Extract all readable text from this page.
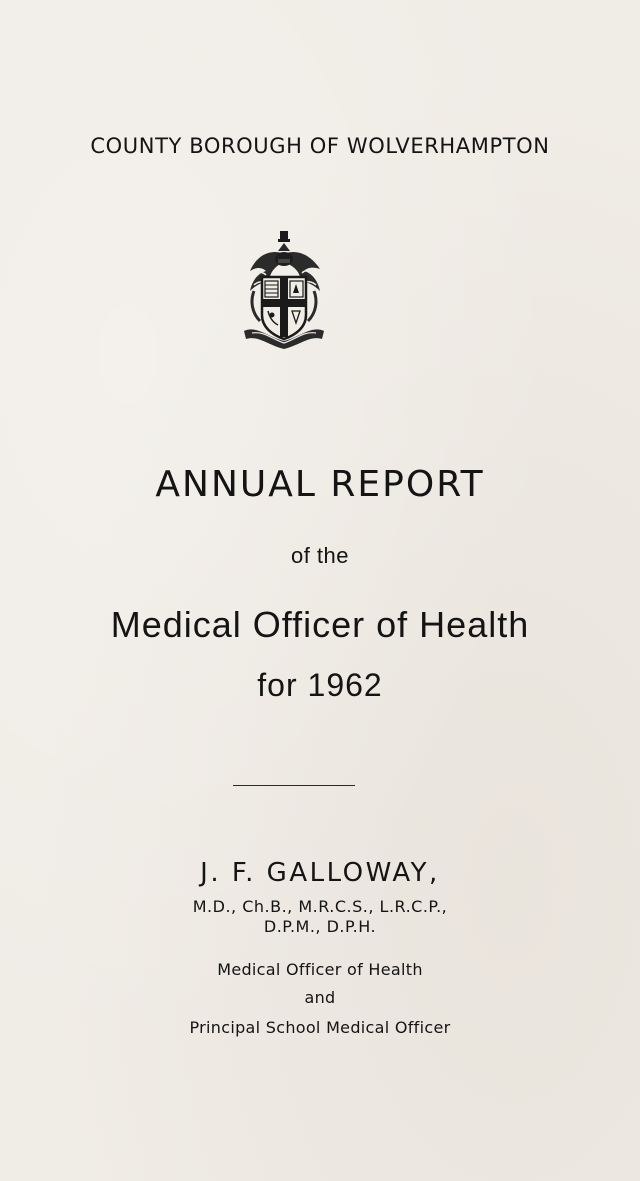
COUNTY BOROUGH OF WOLVERHAMPTON
ANNUAL REPORT
of the
Medical Officer of Health
for 1962
J. F. GALLOWAY,
M.D., Ch.B., M.R.C.S., L.R.C.P.,
D.P.M., D.P.H.
Medical Officer of Health
and
Principal School Medical Officer
